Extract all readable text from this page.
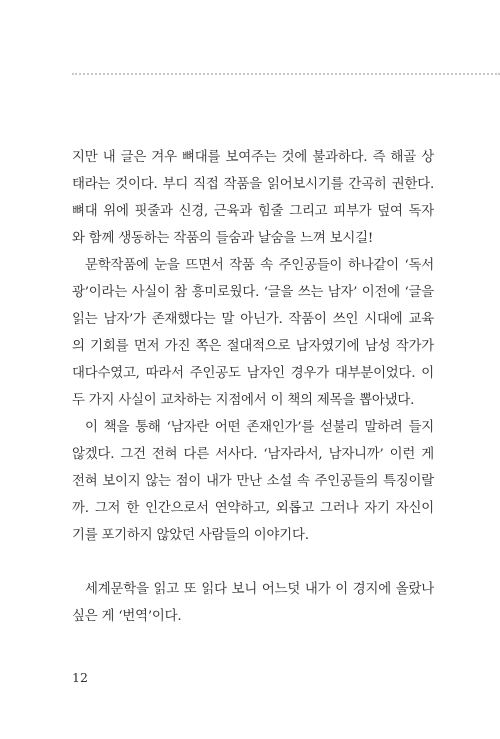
지만 내 글은 겨우 뼈대를 보여주는 것에 불과하다. 즉 해골 상
태라는 것이다. 부디 직접 작품을 읽어보시기를 간곡히 권한다.
뼈대 위에 핏줄과 신경, 근육과 힘줄 그리고 피부가 덮여 독자
와 함께 생동하는 작품의 들숨과 날숨을 느껴 보시길!

문학작품에 눈을 뜨면서 작품 속 주인공들이 하나같이 ‘독서
광’이라는 사실이 참 흥미로웠다. ‘글을 쓰는 남자’ 이전에 ‘글을
읽는 남자’가 존재했다는 말 아닌가. 작품이 쓰인 시대에 교육
의 기회를 먼저 가진 쪽은 절대적으로 남자였기에 남성 작가가
대다수였고, 따라서 주인공도 남자인 경우가 대부분이었다. 이
두 가지 사실이 교차하는 지점에서 이 책의 제목을 뽑아냈다.

이 책을 통해 ‘남자란 어떤 존재인가’를 섣불리 말하려 들지
않겠다. 그건 전혀 다른 서사다. ‘남자라서, 남자니까’ 이런 게
전혀 보이지 않는 점이 내가 만난 소설 속 주인공들의 특징이랄
까. 그저 한 인간으로서 연약하고, 외롭고 그러나 자기 자신이
기를 포기하지 않았던 사람들의 이야기다.

세계문학을 읽고 또 읽다 보니 어느덧 내가 이 경지에 올랐나
싶은 게 ‘번역’이다.

12
